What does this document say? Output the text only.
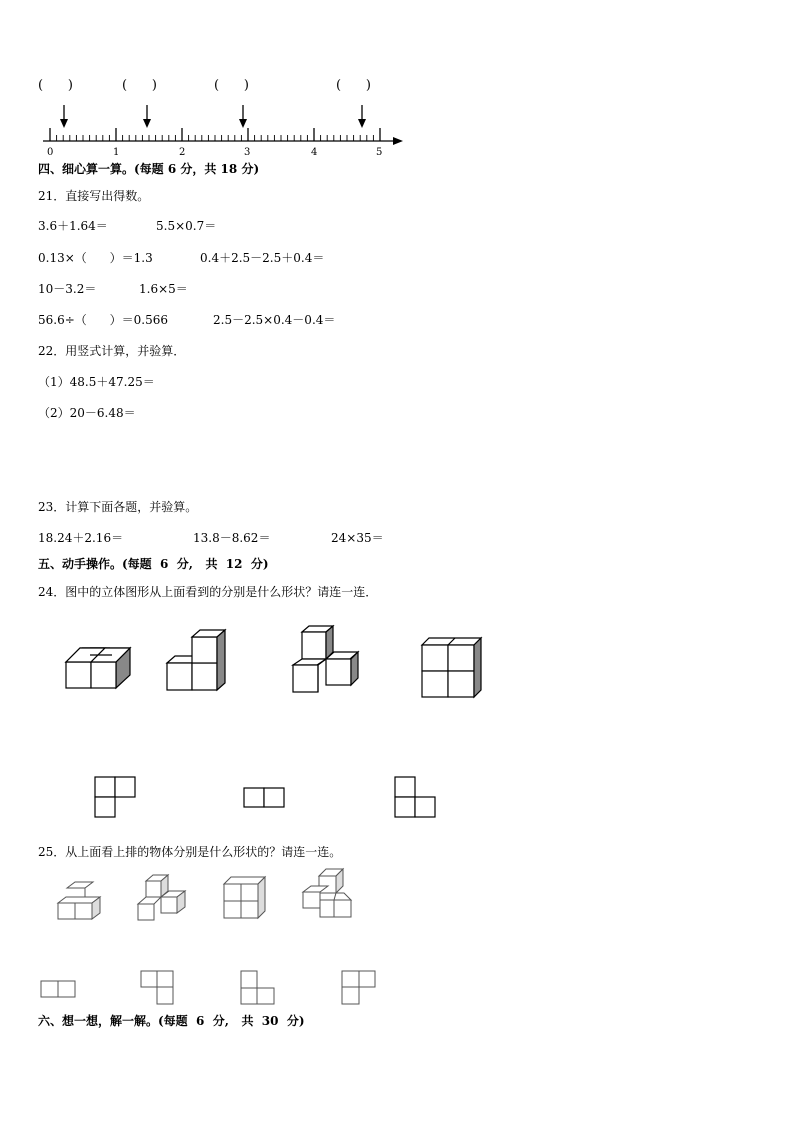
(      )	(      )	(      )	(      )
0	1	2	3	4	5
四、细心算一算。(每题 6 分，共 18 分)
21．直接写出得数。
3.6＋1.64＝	5.5×0.7＝
0.13×（      ）＝1.3	0.4＋2.5－2.5＋0.4＝
10－3.2＝	1.6×5＝
56.6÷（      ）＝0.566	2.5－2.5×0.4－0.4＝
22．用竖式计算，并验算．
（1）48.5＋47.25＝
（2）20－6.48＝
23．计算下面各题，并验算。
18.24＋2.16＝	13.8－8.62＝	24×35＝
五、动手操作。(每题  6  分,   共  12  分)
24．图中的立体图形从上面看到的分别是什么形状？请连一连．
25．从上面看上排的物体分别是什么形状的？请连一连。
六、想一想，解一解。(每题  6  分,   共  30  分)
